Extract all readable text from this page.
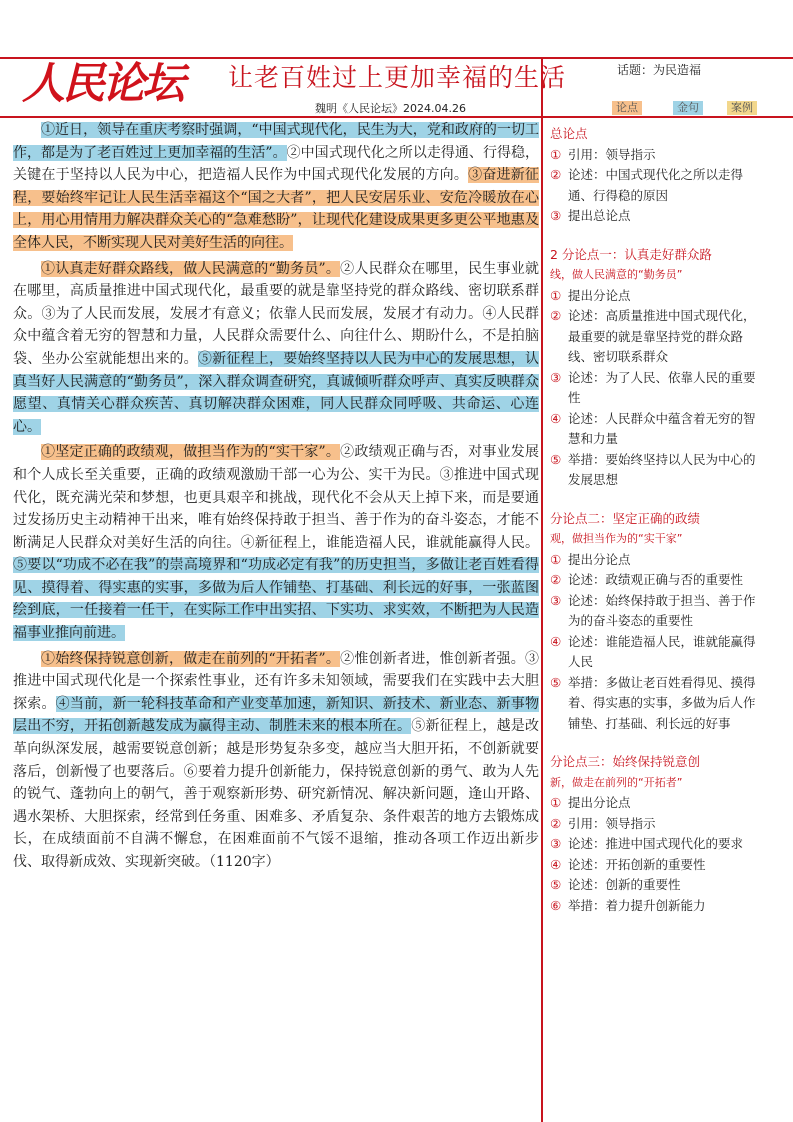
人民论坛	让老百姓过上更加幸福的生活	话题：为民造福
魏明《人民论坛》2024.04.26	论点	金句	案例

①近日，领导在重庆考察时强调，“中国式现代化，民生为大，党和政府的一切工作，都是为了老百姓过上更加幸福的生活”。②中国式现代化之所以走得通、行得稳，关键在于坚持以人民为中心，把造福人民作为中国式现代化发展的方向。③奋进新征程，要始终牢记让人民生活幸福这个“国之大者”，把人民安居乐业、安危冷暖放在心上，用心用情用力解决群众关心的“急难愁盼”，让现代化建设成果更多更公平地惠及全体人民，不断实现人民对美好生活的向往。

①认真走好群众路线，做人民满意的“勤务员”。②人民群众在哪里，民生事业就在哪里，高质量推进中国式现代化，最重要的就是靠坚持党的群众路线、密切联系群众。③为了人民而发展，发展才有意义；依靠人民而发展，发展才有动力。④人民群众中蕴含着无穷的智慧和力量，人民群众需要什么、向往什么、期盼什么，不是拍脑袋、坐办公室就能想出来的。⑤新征程上，要始终坚持以人民为中心的发展思想，认真当好人民满意的“勤务员”，深入群众调查研究，真诚倾听群众呼声、真实反映群众愿望、真情关心群众疾苦、真切解决群众困难，同人民群众同呼吸、共命运、心连心。

①坚定正确的政绩观，做担当作为的“实干家”。②政绩观正确与否，对事业发展和个人成长至关重要，正确的政绩观激励干部一心为公、实干为民。③推进中国式现代化，既充满光荣和梦想，也更具艰辛和挑战，现代化不会从天上掉下来，而是要通过发扬历史主动精神干出来，唯有始终保持敢于担当、善于作为的奋斗姿态，才能不断满足人民群众对美好生活的向往。④新征程上，谁能造福人民，谁就能赢得人民。⑤要以“功成不必在我”的崇高境界和“功成必定有我”的历史担当，多做让老百姓看得见、摸得着、得实惠的实事，多做为后人作铺垫、打基础、利长远的好事，一张蓝图绘到底，一任接着一任干，在实际工作中出实招、下实功、求实效，不断把为人民造福事业推向前进。

①始终保持锐意创新，做走在前列的“开拓者”。②惟创新者进，惟创新者强。③推进中国式现代化是一个探索性事业，还有许多未知领域，需要我们在实践中去大胆探索。④当前，新一轮科技革命和产业变革加速，新知识、新技术、新业态、新事物层出不穷，开拓创新越发成为赢得主动、制胜未来的根本所在。⑤新征程上，越是改革向纵深发展，越需要锐意创新；越是形势复杂多变，越应当大胆开拓，不创新就要落后，创新慢了也要落后。⑥要着力提升创新能力，保持锐意创新的勇气、敢为人先的锐气、蓬勃向上的朝气，善于观察新形势、研究新情况、解决新问题，逢山开路、遇水架桥、大胆探索，经常到任务重、困难多、矛盾复杂、条件艰苦的地方去锻炼成长，在成绩面前不自满不懈怠，在困难面前不气馁不退缩，推动各项工作迈出新步伐、取得新成效、实现新突破。（1120字）

总论点
① 引用：领导指示
② 论述：中国式现代化之所以走得通、行得稳的原因
③ 提出总论点
2 分论点一：认真走好群众路
线，做人民满意的“勤务员”
① 提出分论点
② 论述：高质量推进中国式现代化，最重要的就是靠坚持党的群众路线、密切联系群众
③ 论述：为了人民、依靠人民的重要性
④ 论述：人民群众中蕴含着无穷的智慧和力量
⑤ 举措：要始终坚持以人民为中心的发展思想
分论点二：坚定正确的政绩
观，做担当作为的“实干家”
① 提出分论点
② 论述：政绩观正确与否的重要性
③ 论述：始终保持敢于担当、善于作为的奋斗姿态的重要性
④ 论述：谁能造福人民，谁就能赢得人民
⑤ 举措：多做让老百姓看得见、摸得着、得实惠的实事，多做为后人作铺垫、打基础、利长远的好事
分论点三：始终保持锐意创
新，做走在前列的“开拓者”
① 提出分论点
② 引用：领导指示
③ 论述：推进中国式现代化的要求
④ 论述：开拓创新的重要性
⑤ 论述：创新的重要性
⑥ 举措：着力提升创新能力
